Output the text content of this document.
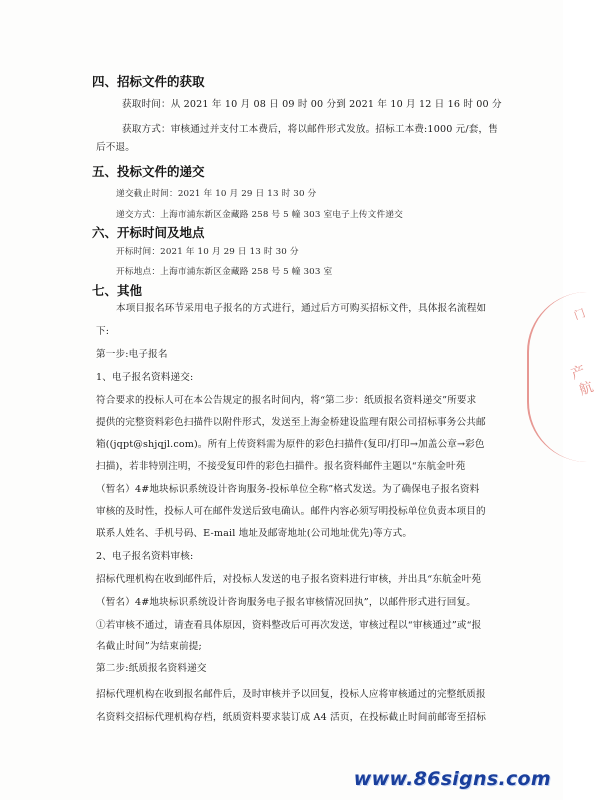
四、招标文件的获取
获取时间：从 2021 年 10 月 08 日 09 时 00 分到 2021 年 10 月 12 日 16 时 00 分
获取方式：审核通过并支付工本费后，将以邮件形式发放。招标工本费:1000 元/套，售
后不退。
五、投标文件的递交
递交截止时间：2021 年 10 月 29 日 13 时 30 分
递交方式：上海市浦东新区金藏路 258 号 5 幢 303 室电子上传文件递交
六、开标时间及地点
开标时间：2021 年 10 月 29 日 13 时 30 分
开标地点：上海市浦东新区金藏路 258 号 5 幢 303 室
七、其他
本项目报名环节采用电子报名的方式进行，通过后方可购买招标文件，具体报名流程如
下:
第一步:电子报名
1、电子报名资料递交:
符合要求的投标人可在本公告规定的报名时间内，将“第二步：纸质报名资料递交”所要求
提供的完整资料彩色扫描件以附件形式，发送至上海金桥建设监理有限公司招标事务公共邮
箱((jqpt@shjqjl.com)。所有上传资料需为原件的彩色扫描件(复印/打印→加盖公章→彩色
扫描)，若非特别注明，不接受复印件的彩色扫描件。报名资料邮件主题以“东航金叶苑
（暂名）4#地块标识系统设计咨询服务-投标单位全称”格式发送。为了确保电子报名资料
审核的及时性，投标人可在邮件发送后致电确认。邮件内容必须写明投标单位负责本项目的
联系人姓名、手机号码、E-mail 地址及邮寄地址(公司地址优先)等方式。
2、电子报名资料审核:
招标代理机构在收到邮件后，对投标人发送的电子报名资料进行审核，并出具“东航金叶苑
（暂名）4#地块标识系统设计咨询服务电子报名审核情况回执”，以邮件形式进行回复。
①若审核不通过，请查看具体原因，资料整改后可再次发送，审核过程以“审核通过”或“报
名截止时间”为结束前提;
第二步:纸质报名资料递交
招标代理机构在收到报名邮件后，及时审核并予以回复，投标人应将审核通过的完整纸质报
名资料交招标代理机构存档，纸质资料要求装订成 A4 活页，在投标截止时间前邮寄至招标
门
产
航
www.86signs.com
